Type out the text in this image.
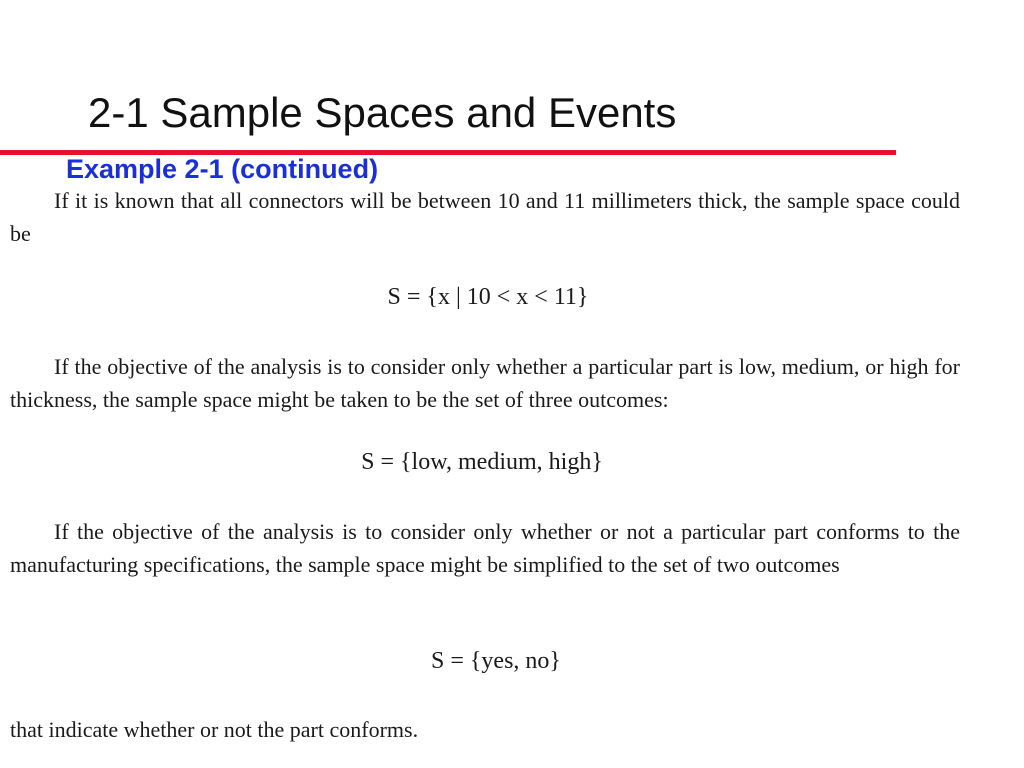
2-1 Sample Spaces and Events
Example 2-1 (continued)
If it is known that all connectors will be between 10 and 11 millimeters thick, the sample space could be
S = {x | 10 < x < 11}
If the objective of the analysis is to consider only whether a particular part is low, medium, or high for thickness, the sample space might be taken to be the set of three outcomes:
S = {low, medium, high}
If the objective of the analysis is to consider only whether or not a particular part conforms to the manufacturing specifications, the sample space might be simplified to the set of two outcomes
S = {yes, no}
that indicate whether or not the part conforms.
